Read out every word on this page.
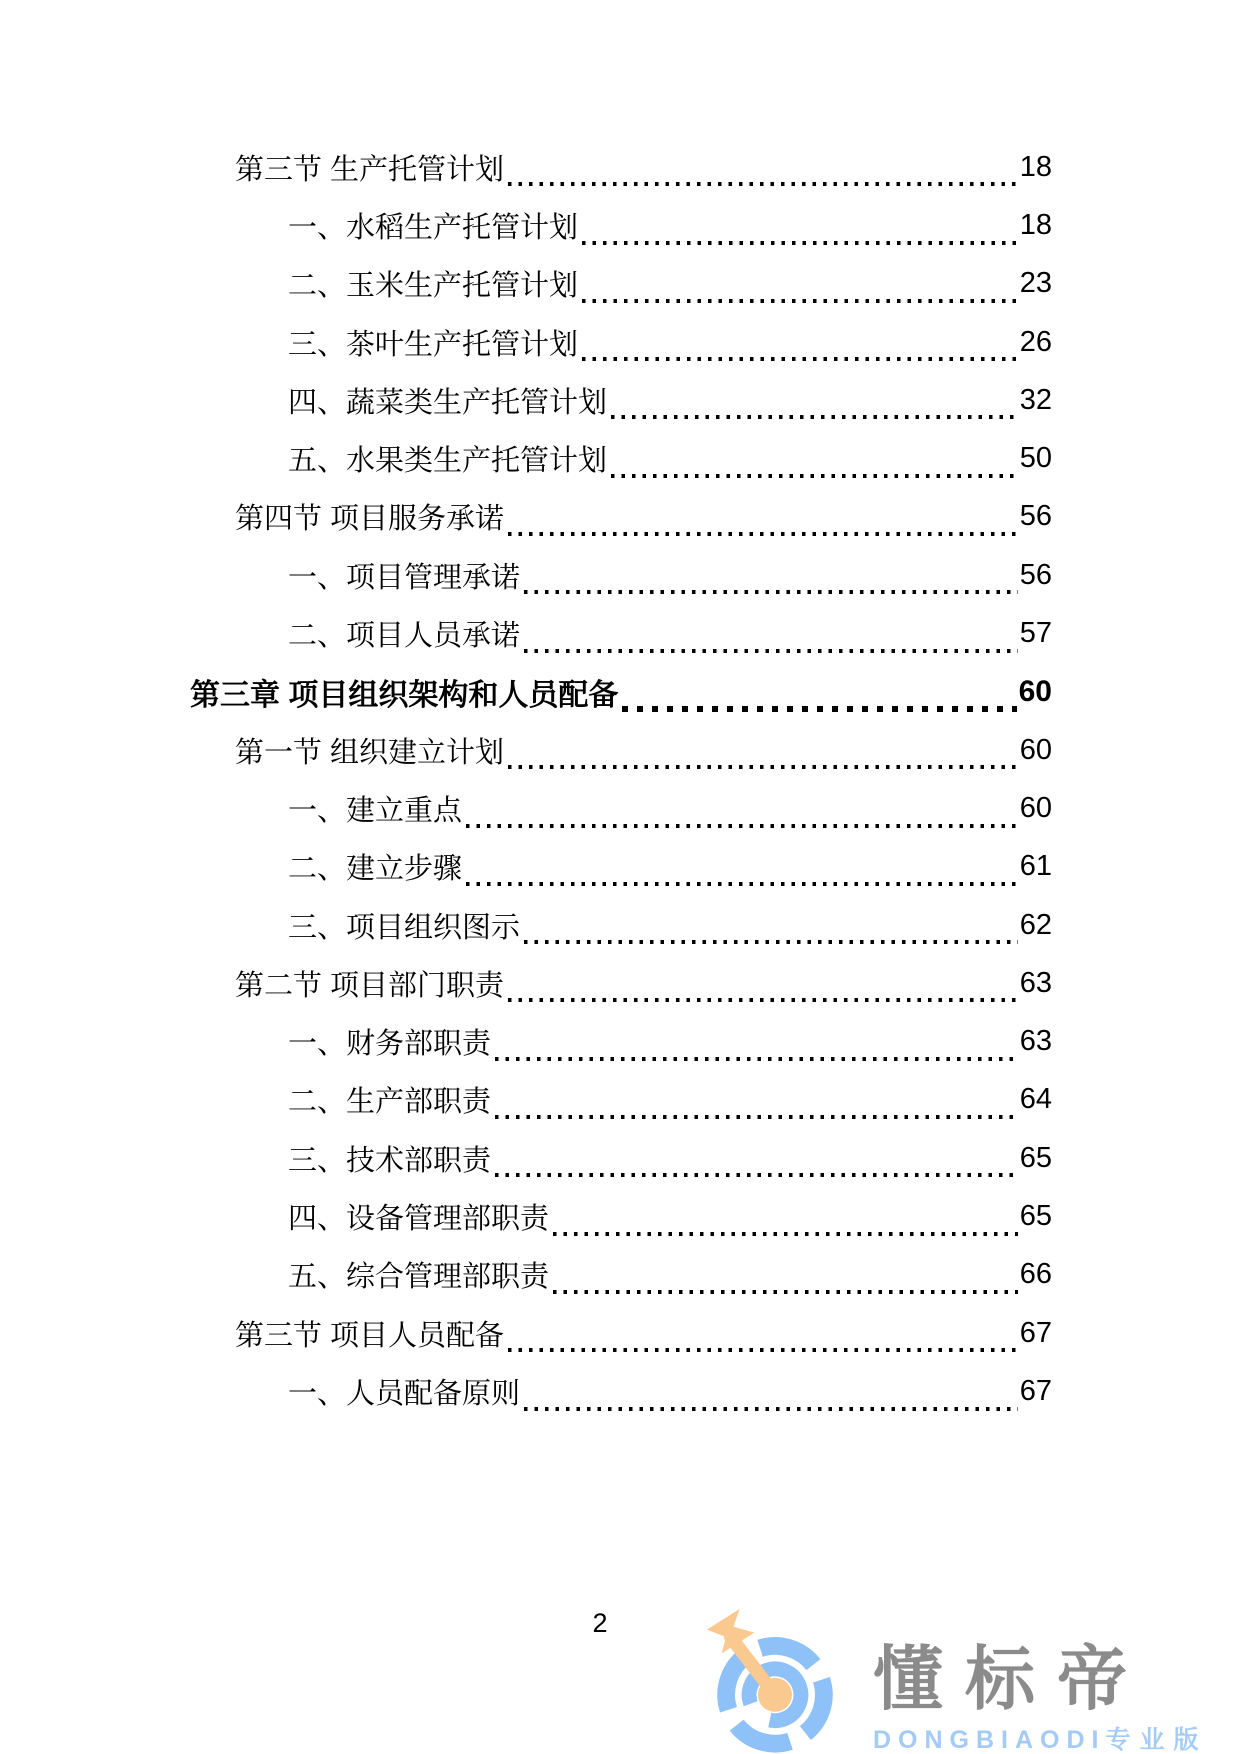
第三节 生产托管计划	18
一、水稻生产托管计划	18
二、玉米生产托管计划	23
三、茶叶生产托管计划	26
四、蔬菜类生产托管计划	32
五、水果类生产托管计划	50
第四节 项目服务承诺	56
一、项目管理承诺	56
二、项目人员承诺	57
第三章 项目组织架构和人员配备	60
第一节 组织建立计划	60
一、建立重点	60
二、建立步骤	61
三、项目组织图示	62
第二节 项目部门职责	63
一、财务部职责	63
二、生产部职责	64
三、技术部职责	65
四、设备管理部职责	65
五、综合管理部职责	66
第三节 项目人员配备	67
一、人员配备原则	67
2
懂标帝
DONGBIAODI专业版
